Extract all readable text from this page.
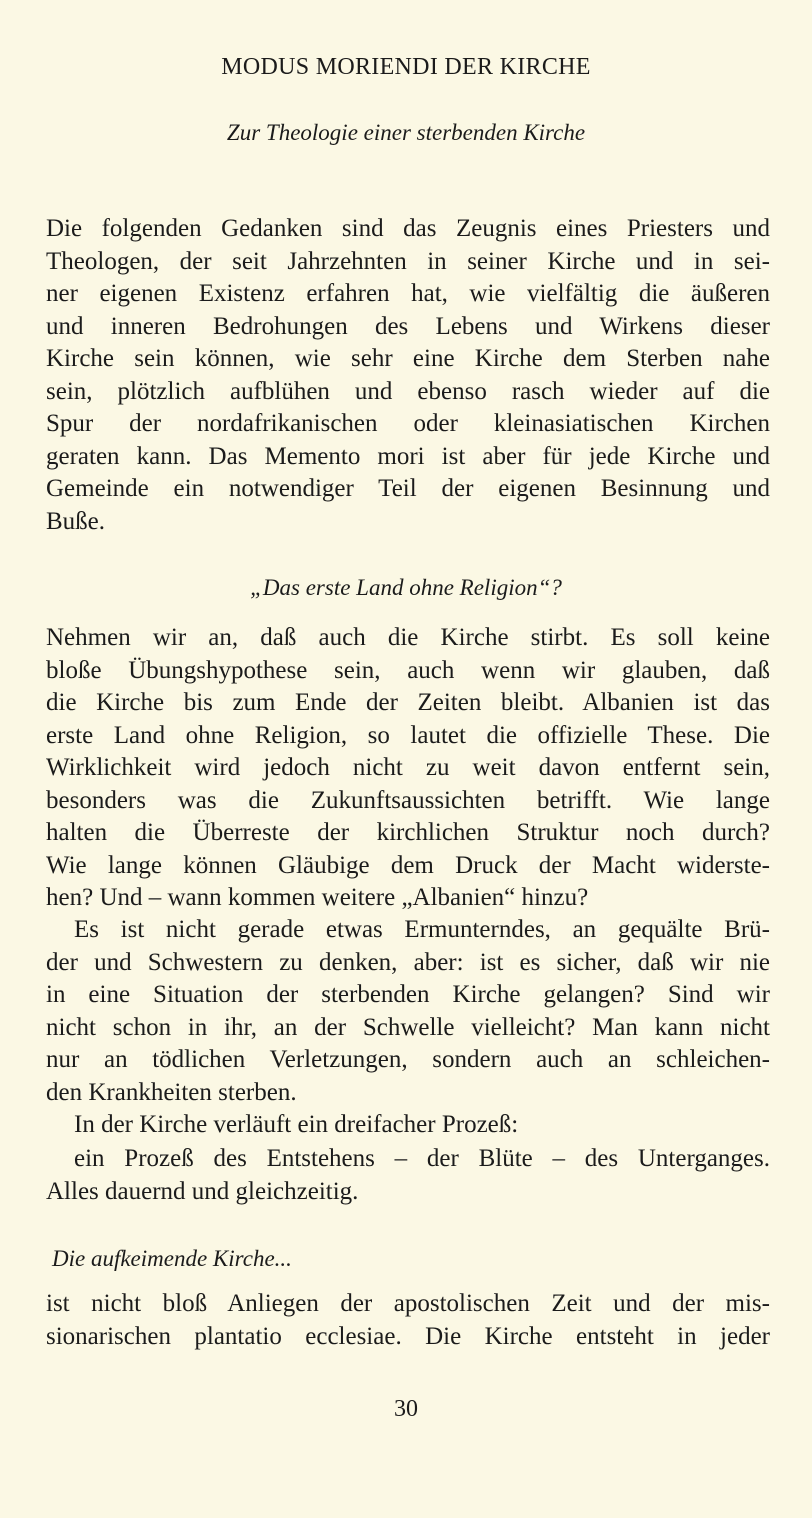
MODUS MORIENDI DER KIRCHE
Zur Theologie einer sterbenden Kirche

Die folgenden Gedanken sind das Zeugnis eines Priesters und
Theologen, der seit Jahrzehnten in seiner Kirche und in sei-
ner eigenen Existenz erfahren hat, wie vielfältig die äußeren
und inneren Bedrohungen des Lebens und Wirkens dieser
Kirche sein können, wie sehr eine Kirche dem Sterben nahe
sein, plötzlich aufblühen und ebenso rasch wieder auf die
Spur der nordafrikanischen oder kleinasiatischen Kirchen
geraten kann. Das Memento mori ist aber für jede Kirche und
Gemeinde ein notwendiger Teil der eigenen Besinnung und
Buße.

„Das erste Land ohne Religion“?

Nehmen wir an, daß auch die Kirche stirbt. Es soll keine
bloße Übungshypothese sein, auch wenn wir glauben, daß
die Kirche bis zum Ende der Zeiten bleibt. Albanien ist das
erste Land ohne Religion, so lautet die offizielle These. Die
Wirklichkeit wird jedoch nicht zu weit davon entfernt sein,
besonders was die Zukunftsaussichten betrifft. Wie lange
halten die Überreste der kirchlichen Struktur noch durch?
Wie lange können Gläubige dem Druck der Macht widerste-
hen? Und – wann kommen weitere „Albanien“ hinzu?

Es ist nicht gerade etwas Ermunterndes, an gequälte Brü-
der und Schwestern zu denken, aber: ist es sicher, daß wir nie
in eine Situation der sterbenden Kirche gelangen? Sind wir
nicht schon in ihr, an der Schwelle vielleicht? Man kann nicht
nur an tödlichen Verletzungen, sondern auch an schleichen-
den Krankheiten sterben.

In der Kirche verläuft ein dreifacher Prozeß:

ein Prozeß des Entstehens – der Blüte – des Unterganges.
Alles dauernd und gleichzeitig.

Die aufkeimende Kirche...

ist nicht bloß Anliegen der apostolischen Zeit und der mis-
sionarischen plantatio ecclesiae. Die Kirche entsteht in jeder

30
